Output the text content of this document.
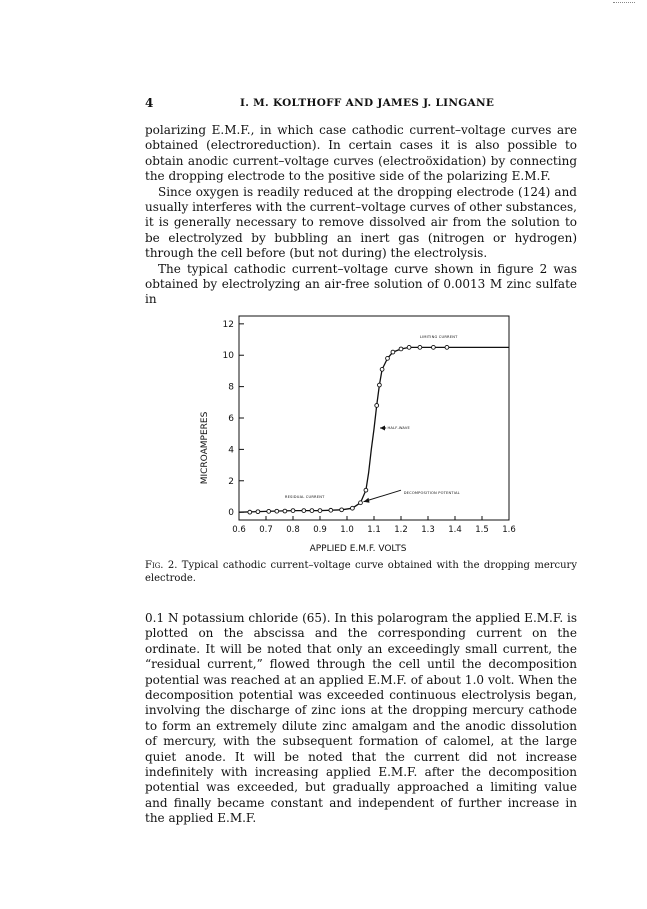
4	I. M. KOLTHOFF AND JAMES J. LINGANE

polarizing E.M.F., in which case cathodic current–voltage curves are obtained (electroreduction). In certain cases it is also possible to obtain anodic current–voltage curves (electroöxidation) by connecting the dropping electrode to the positive side of the polarizing E.M.F.

Since oxygen is readily reduced at the dropping electrode (124) and usually interferes with the current–voltage curves of other substances, it is generally necessary to remove dissolved air from the solution to be electrolyzed by bubbling an inert gas (nitrogen or hydrogen) through the cell before (but not during) the electrolysis.

The typical cathodic current–voltage curve shown in figure 2 was obtained by electrolyzing an air-free solution of 0.0013 M zinc sulfate in

0
2
4
6
8
10
12
0.6 0.7 0.8 0.9 1.0 1.1 1.2 1.3 1.4 1.5 1.6
LIMITING CURRENT
HALF-WAVE
RESIDUAL CURRENT
DECOMPOSITION POTENTIAL
MICROAMPERES
APPLIED E.M.F. VOLTS
Fig. 2. Typical cathodic current–voltage curve obtained with the dropping mercury electrode.

0.1 N potassium chloride (65). In this polarogram the applied E.M.F. is plotted on the abscissa and the corresponding current on the ordinate. It will be noted that only an exceedingly small current, the “residual current,” flowed through the cell until the decomposition potential was reached at an applied E.M.F. of about 1.0 volt. When the decomposition potential was exceeded continuous electrolysis began, involving the discharge of zinc ions at the dropping mercury cathode to form an extremely dilute zinc amalgam and the anodic dissolution of mercury, with the subsequent formation of calomel, at the large quiet anode. It will be noted that the current did not increase indefinitely with increasing applied E.M.F. after the decomposition potential was exceeded, but gradually approached a limiting value and finally became constant and independent of further increase in the applied E.M.F.
